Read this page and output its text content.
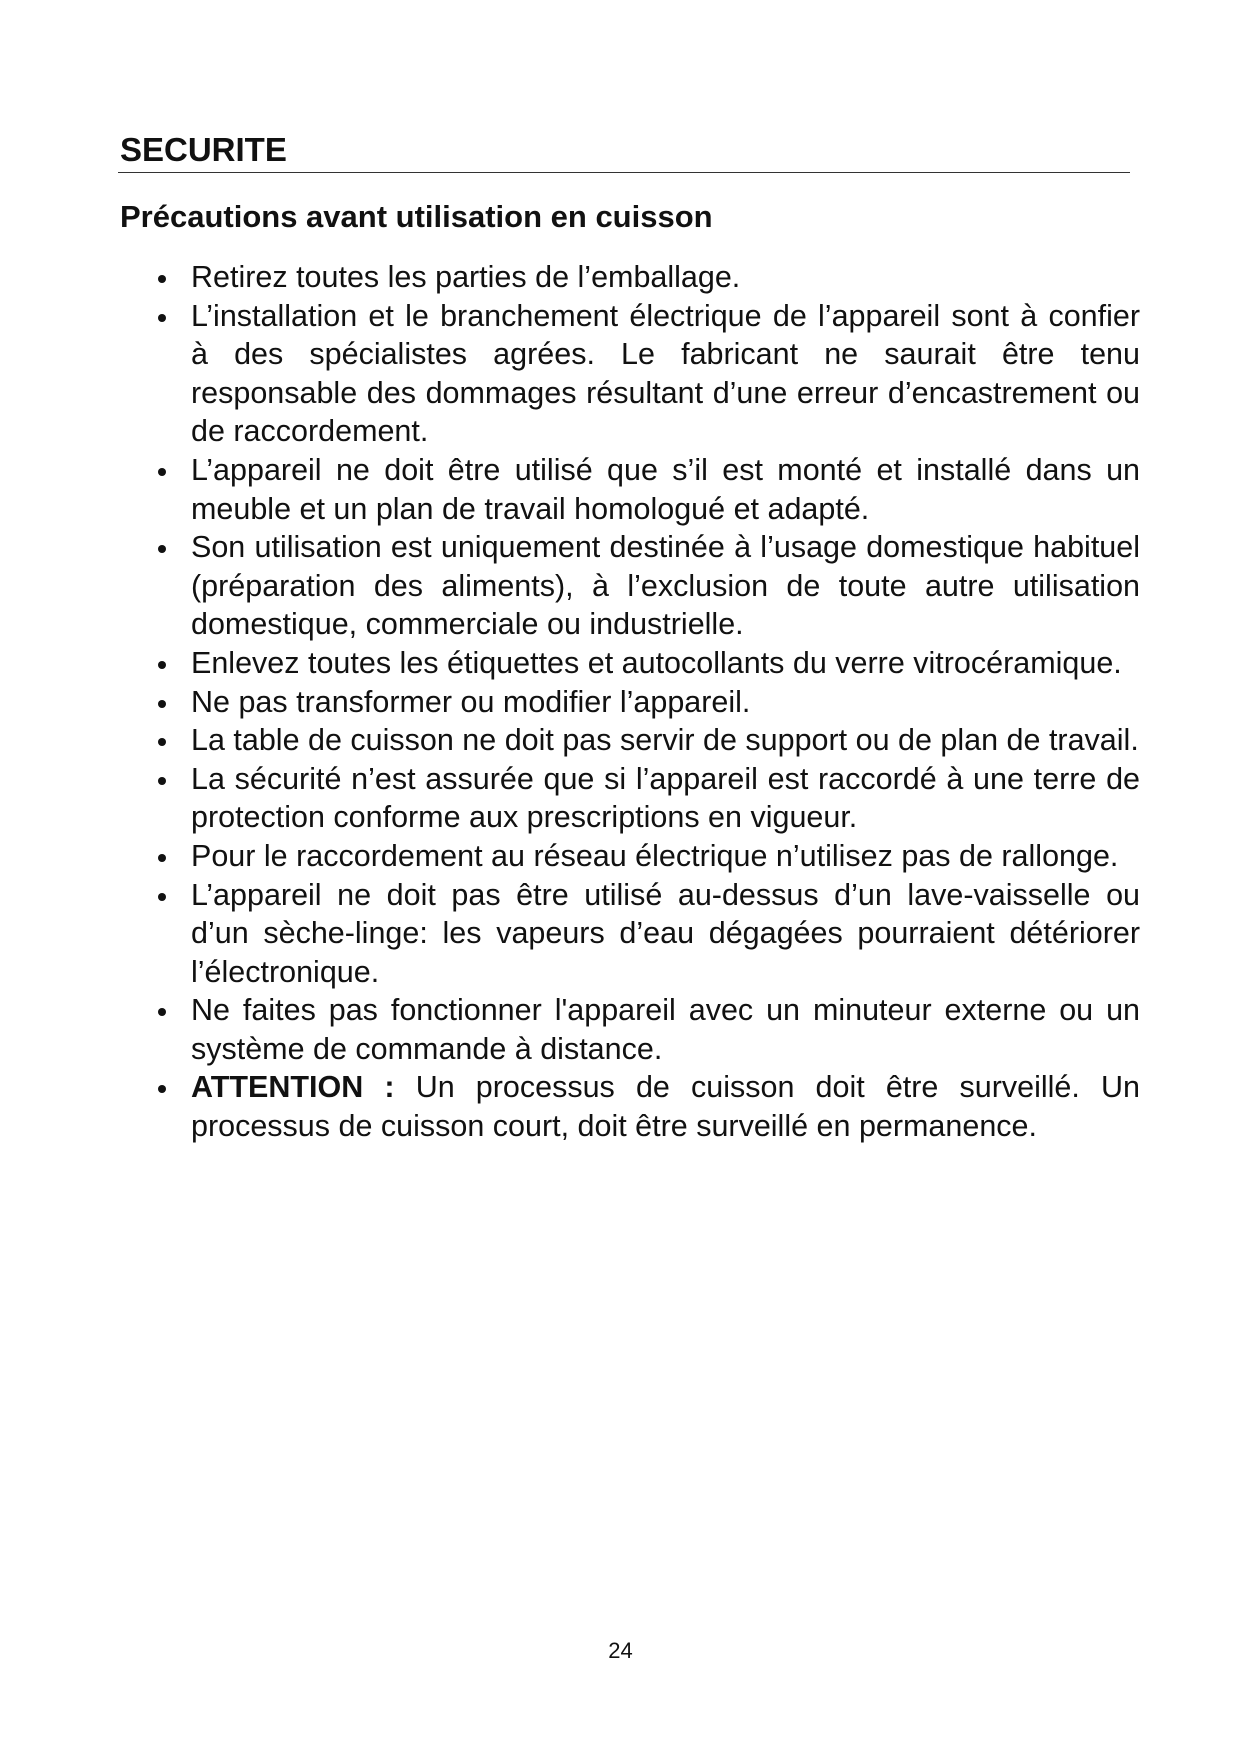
SECURITE
Précautions avant utilisation en cuisson
Retirez toutes les parties de l’emballage.
L’installation et le branchement électrique de l’appareil sont à confier à des spécialistes agrées. Le fabricant ne saurait être tenu responsable des dommages résultant d’une erreur d’encastrement ou de raccordement.
L’appareil ne doit être utilisé que s’il est monté et installé dans un meuble et un plan de travail homologué et adapté.
Son utilisation est uniquement destinée à l’usage domestique habituel (préparation des aliments), à l’exclusion de toute autre utilisation domestique, commerciale ou industrielle.
Enlevez toutes les étiquettes et autocollants du verre vitrocéramique.
Ne pas transformer ou modifier l’appareil.
La table de cuisson ne doit pas servir de support ou de plan de travail.
La sécurité n’est assurée que si l’appareil est raccordé à une terre de protection conforme aux prescriptions en vigueur.
Pour le raccordement au réseau électrique n’utilisez pas de rallonge.
L’appareil ne doit pas être utilisé au-dessus d’un lave-vaisselle ou d’un sèche-linge: les vapeurs d’eau dégagées pourraient détériorer l’électronique.
Ne faites pas fonctionner l'appareil avec un minuteur externe ou un système de commande à distance.
ATTENTION : Un processus de cuisson doit être surveillé. Un processus de cuisson court, doit être surveillé en permanence.
24
